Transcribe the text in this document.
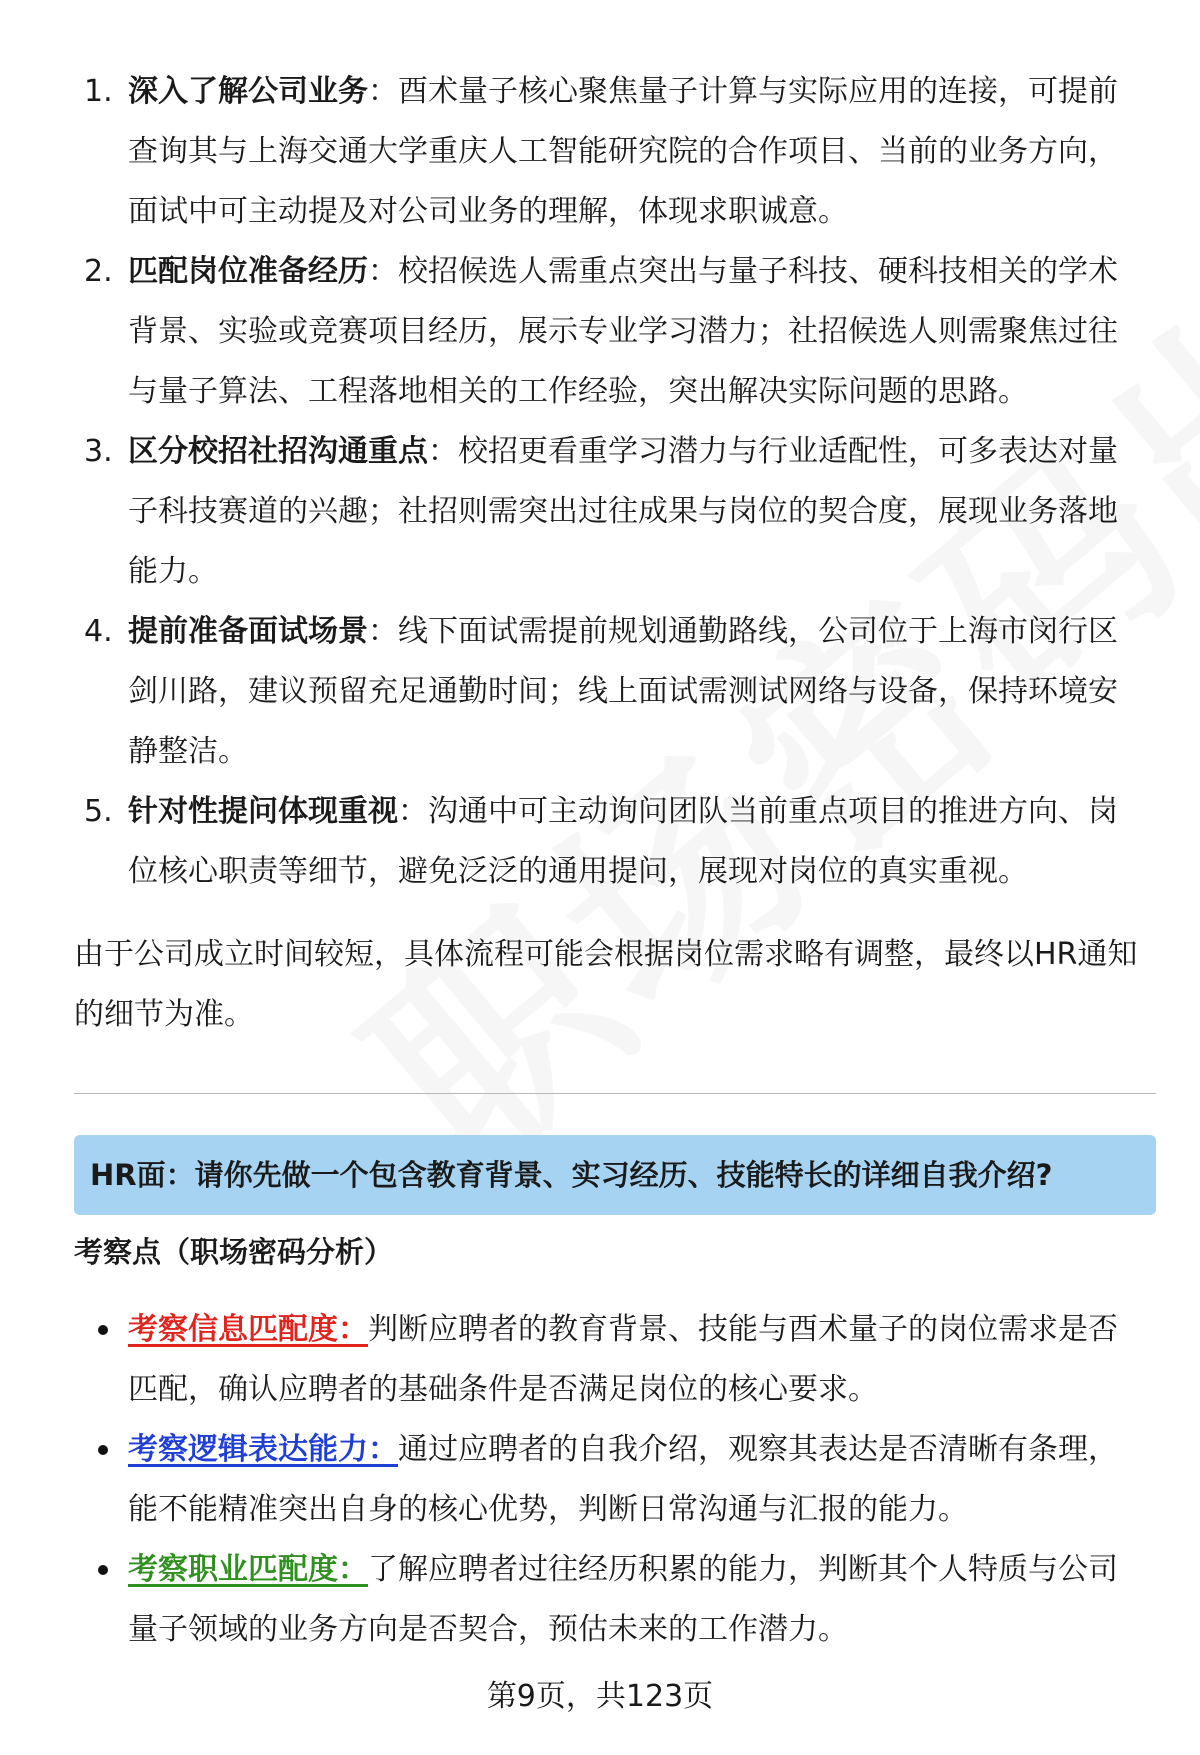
1. 深入了解公司业务：酉术量子核心聚焦量子计算与实际应用的连接，可提前查询其与上海交通大学重庆人工智能研究院的合作项目、当前的业务方向，面试中可主动提及对公司业务的理解，体现求职诚意。
2. 匹配岗位准备经历：校招候选人需重点突出与量子科技、硬科技相关的学术背景、实验或竞赛项目经历，展示专业学习潜力；社招候选人则需聚焦过往与量子算法、工程落地相关的工作经验，突出解决实际问题的思路。
3. 区分校招社招沟通重点：校招更看重学习潜力与行业适配性，可多表达对量子科技赛道的兴趣；社招则需突出过往成果与岗位的契合度，展现业务落地能力。
4. 提前准备面试场景：线下面试需提前规划通勤路线，公司位于上海市闵行区剑川路，建议预留充足通勤时间；线上面试需测试网络与设备，保持环境安静整洁。
5. 针对性提问体现重视：沟通中可主动询问团队当前重点项目的推进方向、岗位核心职责等细节，避免泛泛的通用提问，展现对岗位的真实重视。
由于公司成立时间较短，具体流程可能会根据岗位需求略有调整，最终以HR通知的细节为准。
HR面：请你先做一个包含教育背景、实习经历、技能特长的详细自我介绍?
考察点（职场密码分析）
考察信息匹配度：判断应聘者的教育背景、技能与酉术量子的岗位需求是否匹配，确认应聘者的基础条件是否满足岗位的核心要求。
考察逻辑表达能力：通过应聘者的自我介绍，观察其表达是否清晰有条理，能不能精准突出自身的核心优势，判断日常沟通与汇报的能力。
考察职业匹配度：了解应聘者过往经历积累的能力，判断其个人特质与公司量子领域的业务方向是否契合，预估未来的工作潜力。
第9页，共123页
